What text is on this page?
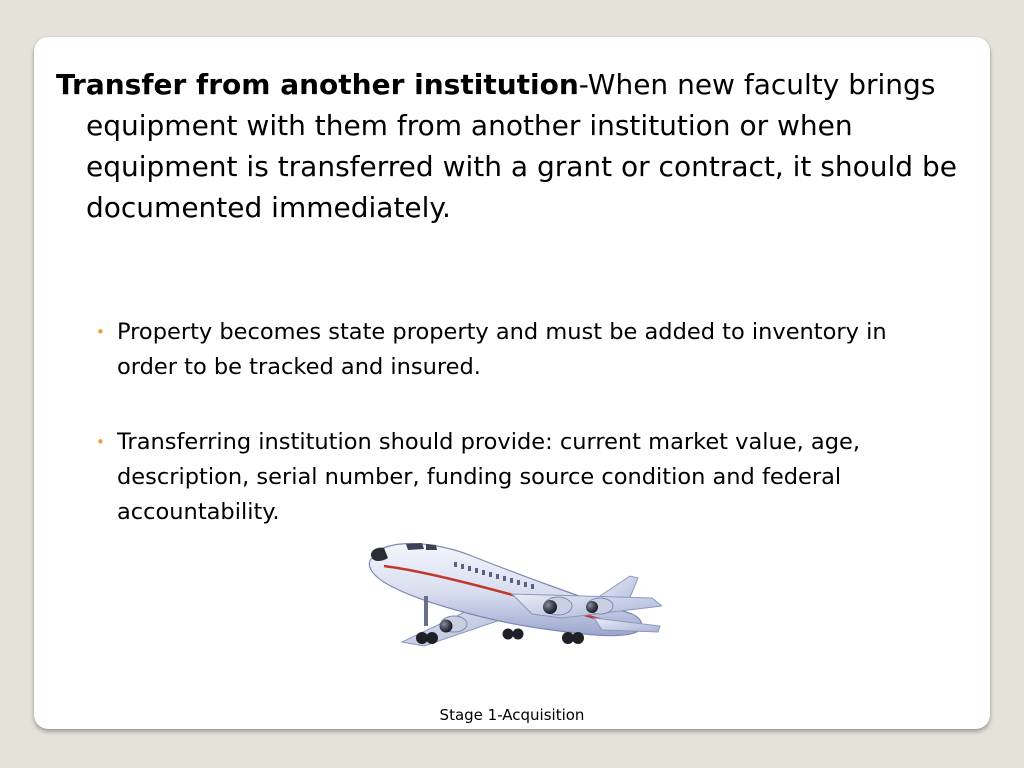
Transfer from another institution-When new faculty brings equipment with them from another institution or when equipment is transferred with a grant or contract, it should be documented immediately.

• Property becomes state property and must be added to inventory in order to be tracked and insured.
• Transferring institution should provide: current market value, age, description, serial number, funding source condition and federal accountability.
Stage 1-Acquisition
